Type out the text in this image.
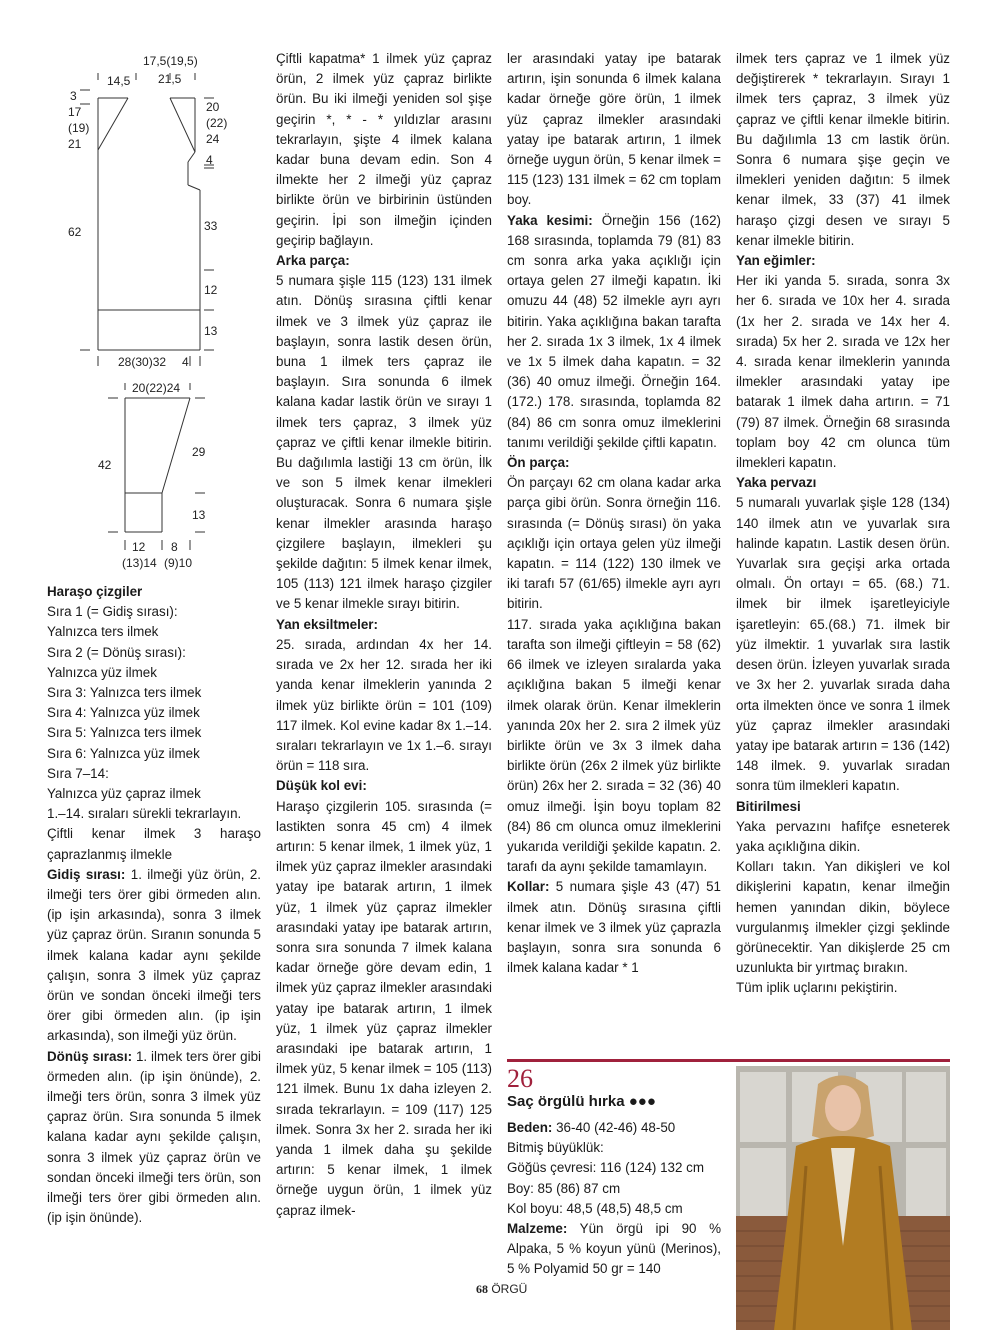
17,5(19,5)
14,5 21,5
3
17
(19)
21
62
20
(22)
24
4
33
12
13
28(30)32 4
20(22)24
42
29
13
12 8
(13)14 (9)10

Haraşo çizgiler

Sıra 1 (= Gidiş sırası):

Yalnızca ters ilmek

Sıra 2 (= Dönüş sırası):

Yalnızca yüz ilmek

Sıra 3: Yalnızca ters ilmek

Sıra 4: Yalnızca yüz ilmek

Sıra 5: Yalnızca ters ilmek

Sıra 6: Yalnızca yüz ilmek

Sıra 7–14:

Yalnızca yüz çapraz ilmek

1.–14. sıraları sürekli tekrarlayın.

Çiftli kenar ilmek 3 haraşo çaprazlanmış ilmekle

Gidiş sırası: 1. ilmeği yüz örün, 2. ilmeği ters örer gibi örmeden alın. (ip işin arkasında), sonra 3 ilmek yüz çapraz örün. Sıranın sonunda 5 ilmek kalana kadar aynı şekilde çalışın, sonra 3 ilmek yüz çapraz örün ve sondan önceki ilmeği ters örer gibi örmeden alın. (ip işin arkasında), son ilmeği yüz örün.

Dönüş sırası: 1. ilmek ters örer gibi örmeden alın. (ip işin önünde), 2. ilmeği ters örün, sonra 3 ilmek yüz çapraz örün. Sıra sonunda 5 ilmek kalana kadar aynı şekilde çalışın, sonra 3 ilmek yüz çapraz örün ve sondan önceki ilmeği ters örün, son ilmeği ters örer gibi örmeden alın. (ip işin önünde).

Çiftli kapatma* 1 ilmek yüz çapraz örün, 2 ilmek yüz çapraz birlikte örün. Bu iki ilmeği yeniden sol şişe geçirin *, * - * yıldızlar arasını tekrarlayın, şişte 4 ilmek kalana kadar buna devam edin. Son 4 ilmekte her 2 ilmeği yüz çapraz birlikte örün ve birbirinin üstünden geçirin. İpi son ilmeğin içinden geçirip bağlayın.

Arka parça:

5 numara şişle 115 (123) 131 ilmek atın. Dönüş sırasına çiftli kenar ilmek ve 3 ilmek yüz çapraz ile başlayın, sonra lastik desen örün, buna 1 ilmek ters çapraz ile başlayın. Sıra sonunda 6 ilmek kalana kadar lastik örün ve sırayı 1 ilmek ters çapraz, 3 ilmek yüz çapraz ve çiftli kenar ilmekle bitirin. Bu dağılımla lastiği 13 cm örün, İlk ve son 5 ilmek kenar ilmekleri oluşturacak. Sonra 6 numara şişle kenar ilmekler arasında haraşo çizgilere başlayın, ilmekleri şu şekilde dağıtın: 5 ilmek kenar ilmek, 105 (113) 121 ilmek haraşo çizgiler ve 5 kenar ilmekle sırayı bitirin.

Yan eksiltmeler:

25. sırada, ardından 4x her 14. sırada ve 2x her 12. sırada her iki yanda kenar ilmeklerin yanında 2 ilmek yüz birlikte örün = 101 (109) 117 ilmek. Kol evine kadar 8x 1.–14. sıraları tekrarlayın ve 1x 1.–6. sırayı örün = 118 sıra.

Düşük kol evi:

Haraşo çizgilerin 105. sırasında (= lastikten sonra 45 cm) 4 ilmek artırın: 5 kenar ilmek, 1 ilmek yüz, 1 ilmek yüz çapraz ilmekler arasındaki yatay ipe batarak artırın, 1 ilmek yüz, 1 ilmek yüz çapraz ilmekler arasındaki yatay ipe batarak artırın, sonra sıra sonunda 7 ilmek kalana kadar örneğe göre devam edin, 1 ilmek yüz çapraz ilmekler arasındaki yatay ipe batarak artırın, 1 ilmek yüz, 1 ilmek yüz çapraz ilmekler arasındaki ipe batarak artırın, 1 ilmek yüz, 5 kenar ilmek = 105 (113) 121 ilmek. Bunu 1x daha izleyen 2. sırada tekrarlayın. = 109 (117) 125 ilmek. Sonra 3x her 2. sırada her iki yanda 1 ilmek daha şu şekilde artırın: 5 kenar ilmek, 1 ilmek örneğe uygun örün, 1 ilmek yüz çapraz ilmek-

ler arasındaki yatay ipe batarak artırın, işin sonunda 6 ilmek kalana kadar örneğe göre örün, 1 ilmek yüz çapraz ilmekler arasındaki yatay ipe batarak artırın, 1 ilmek örneğe uygun örün, 5 kenar ilmek = 115 (123) 131 ilmek = 62 cm toplam boy.

Yaka kesimi: Örneğin 156 (162) 168 sırasında, toplamda 79 (81) 83 cm sonra arka yaka açıklığı için ortaya gelen 27 ilmeği kapatın. İki omuzu 44 (48) 52 ilmekle ayrı ayrı bitirin. Yaka açıklığına bakan tarafta her 2. sırada 1x 3 ilmek, 1x 4 ilmek ve 1x 5 ilmek daha kapatın. = 32 (36) 40 omuz ilmeği. Örneğin 164. (172.) 178. sırasında, toplamda 82 (84) 86 cm sonra omuz ilmeklerini tanımı verildiği şekilde çiftli kapatın.

Ön parça:

Ön parçayı 62 cm olana kadar arka parça gibi örün. Sonra örneğin 116. sırasında (= Dönüş sırası) ön yaka açıklığı için ortaya gelen yüz ilmeği kapatın. = 114 (122) 130 ilmek ve iki tarafı 57 (61/65) ilmekle ayrı ayrı bitirin.

117. sırada yaka açıklığına bakan tarafta son ilmeği çiftleyin = 58 (62) 66 ilmek ve izleyen sıralarda yaka açıklığına bakan 5 ilmeği kenar ilmek olarak örün. Kenar ilmeklerin yanında 20x her 2. sıra 2 ilmek yüz birlikte örün ve 3x 3 ilmek daha birlikte örün (26x 2 ilmek yüz birlikte örün) 26x her 2. sırada = 32 (36) 40 omuz ilmeği. İşin boyu toplam 82 (84) 86 cm olunca omuz ilmeklerini yukarıda verildiği şekilde kapatın. 2. tarafı da aynı şekilde tamamlayın.

Kollar: 5 numara şişle 43 (47) 51 ilmek atın. Dönüş sırasına çiftli kenar ilmek ve 3 ilmek yüz çaprazla başlayın, sonra sıra sonunda 6 ilmek kalana kadar * 1

ilmek ters çapraz ve 1 ilmek yüz değiştirerek * tekrarlayın. Sırayı 1 ilmek ters çapraz, 3 ilmek yüz çapraz ve çiftli kenar ilmekle bitirin. Bu dağılımla 13 cm lastik örün. Sonra 6 numara şişe geçin ve ilmekleri yeniden dağıtın: 5 ilmek kenar ilmek, 33 (37) 41 ilmek haraşo çizgi desen ve sırayı 5 kenar ilmekle bitirin.

Yan eğimler:

Her iki yanda 5. sırada, sonra 3x her 6. sırada ve 10x her 4. sırada (1x her 2. sırada ve 14x her 4. sırada) 5x her 2. sırada ve 12x her 4. sırada kenar ilmeklerin yanında ilmekler arasındaki yatay ipe batarak 1 ilmek daha artırın. = 71 (79) 87 ilmek. Örneğin 68 sırasında toplam boy 42 cm olunca tüm ilmekleri kapatın.

Yaka pervazı

5 numaralı yuvarlak şişle 128 (134) 140 ilmek atın ve yuvarlak sıra halinde kapatın. Lastik desen örün. Yuvarlak sıra geçişi arka ortada olmalı. Ön ortayı = 65. (68.) 71. ilmek bir ilmek işaretleyiciyle işaretleyin: 65.(68.) 71. ilmek bir yüz ilmektir. 1 yuvarlak sıra lastik desen örün. İzleyen yuvarlak sırada ve 3x her 2. yuvarlak sırada daha orta ilmekten önce ve sonra 1 ilmek yüz çapraz ilmekler arasındaki yatay ipe batarak artırın = 136 (142) 148 ilmek. 9. yuvarlak sıradan sonra tüm ilmekleri kapatın.

Bitirilmesi

Yaka pervazını hafifçe esneterek yaka açıklığına dikin.

Kolları takın. Yan dikişleri ve kol dikişlerini kapatın, kenar ilmeğin hemen yanından dikin, böylece vurgulanmış ilmekler çizgi şeklinde görünecektir. Yan dikişlerde 25 cm uzunlukta bir yırtmaç bırakın.

Tüm iplik uçlarını pekiştirin.

26
Saç örgülü hırka ●●●

Beden: 36-40 (42-46) 48-50

Bitmiş büyüklük:

Göğüs çevresi: 116 (124) 132 cm

Boy: 85 (86) 87 cm

Kol boyu: 48,5 (48,5) 48,5 cm

Malzeme: Yün örgü ipi 90 % Alpaka, 5 % koyun yünü (Merinos), 5 % Polyamid 50 gr = 140

68 ÖRGÜ
